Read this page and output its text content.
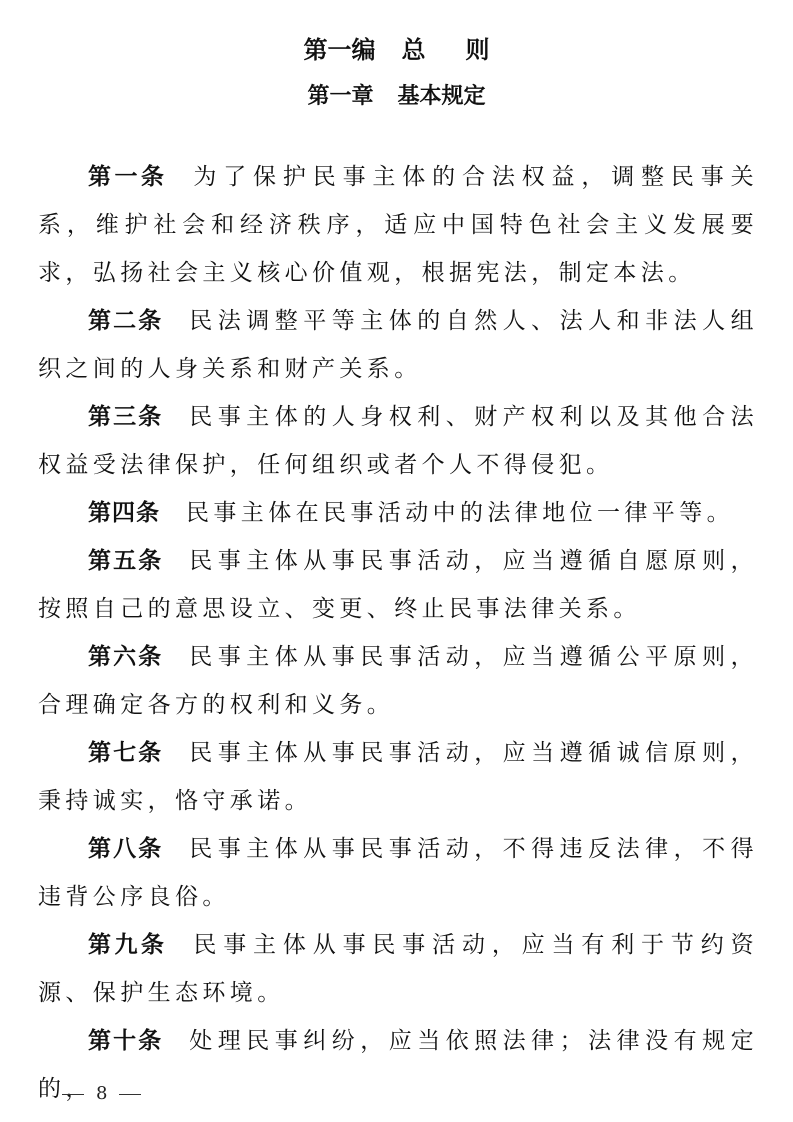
第一编 总 则
第一章 基本规定

第一条 为了保护民事主体的合法权益，调整民事关系，维护社会和经济秩序，适应中国特色社会主义发展要求，弘扬社会主义核心价值观，根据宪法，制定本法。

第二条 民法调整平等主体的自然人、法人和非法人组织之间的人身关系和财产关系。

第三条 民事主体的人身权利、财产权利以及其他合法权益受法律保护，任何组织或者个人不得侵犯。

第四条 民事主体在民事活动中的法律地位一律平等。

第五条 民事主体从事民事活动，应当遵循自愿原则，按照自己的意思设立、变更、终止民事法律关系。

第六条 民事主体从事民事活动，应当遵循公平原则，合理确定各方的权利和义务。

第七条 民事主体从事民事活动，应当遵循诚信原则，秉持诚实，恪守承诺。

第八条 民事主体从事民事活动，不得违反法律，不得违背公序良俗。

第九条 民事主体从事民事活动，应当有利于节约资源、保护生态环境。

第十条 处理民事纠纷，应当依照法律；法律没有规定的， 8
